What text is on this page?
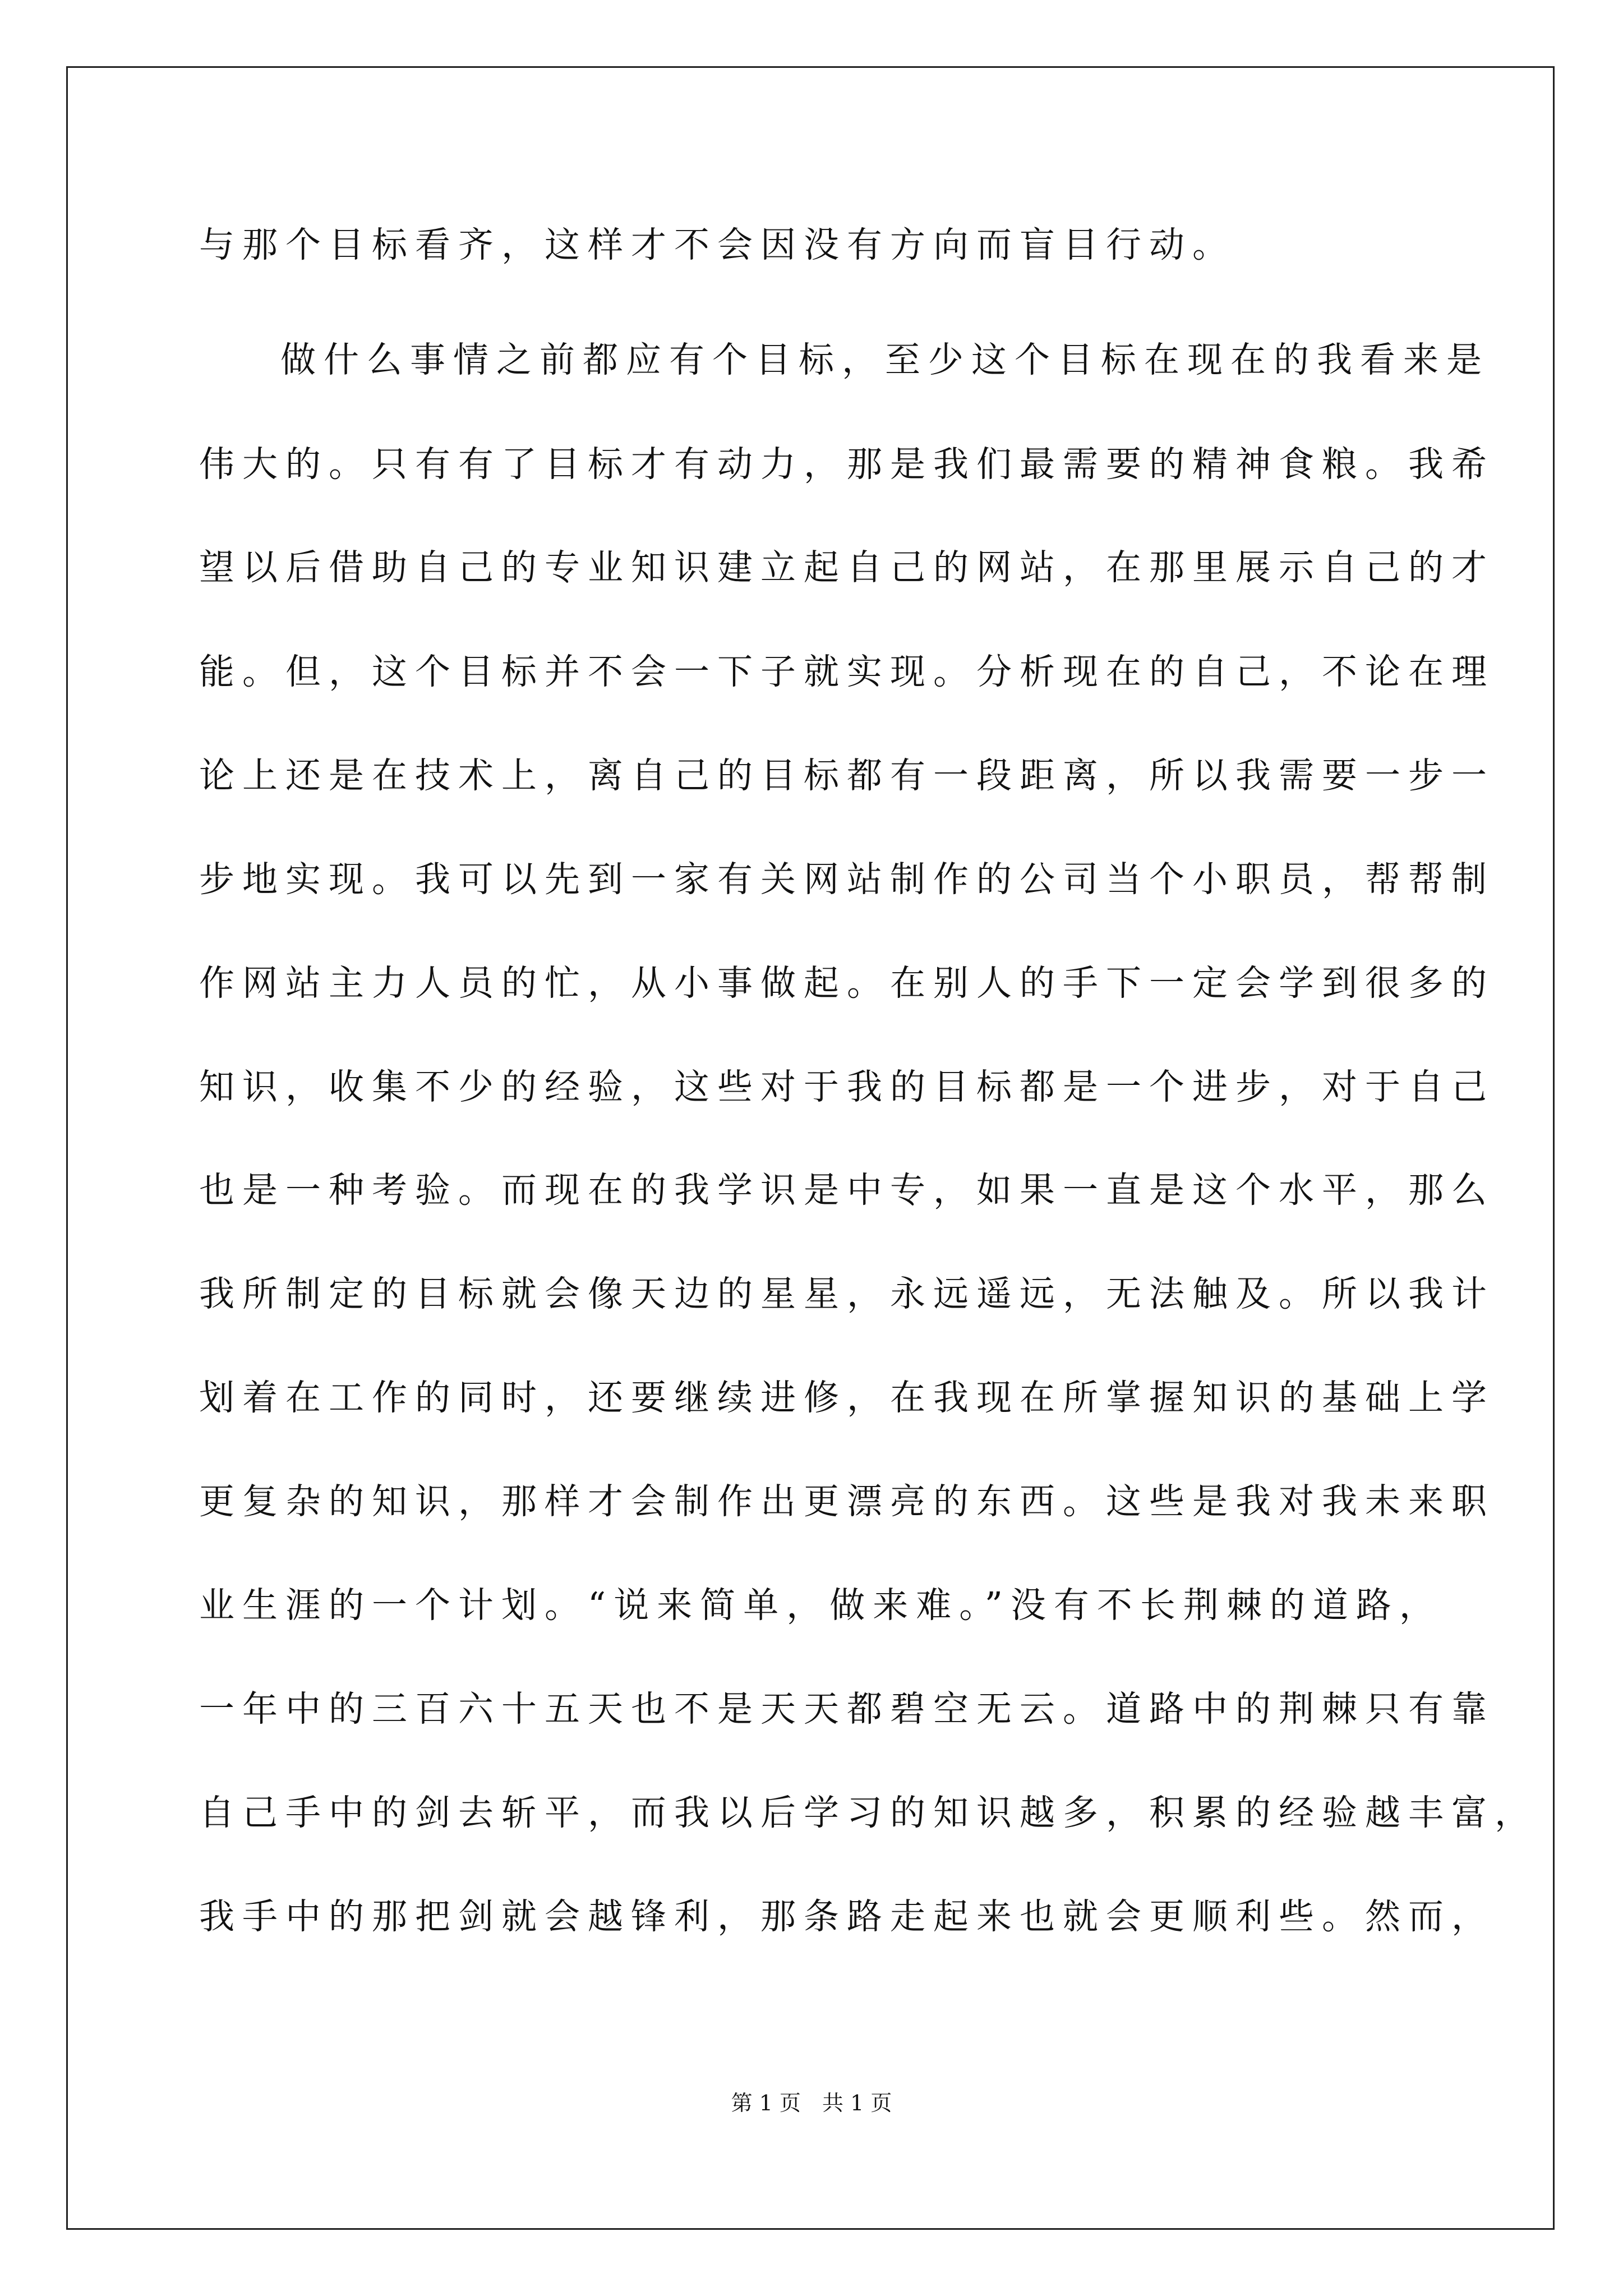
与那个目标看齐，这样才不会因没有方向而盲目行动。
做什么事情之前都应有个目标，至少这个目标在现在的我看来是
伟大的。只有有了目标才有动力，那是我们最需要的精神食粮。我希
望以后借助自己的专业知识建立起自己的网站，在那里展示自己的才
能。但，这个目标并不会一下子就实现。分析现在的自己，不论在理
论上还是在技术上，离自己的目标都有一段距离，所以我需要一步一
步地实现。我可以先到一家有关网站制作的公司当个小职员，帮帮制
作网站主力人员的忙，从小事做起。在别人的手下一定会学到很多的
知识，收集不少的经验，这些对于我的目标都是一个进步，对于自己
也是一种考验。而现在的我学识是中专，如果一直是这个水平，那么
我所制定的目标就会像天边的星星，永远遥远，无法触及。所以我计
划着在工作的同时，还要继续进修，在我现在所掌握知识的基础上学
更复杂的知识，那样才会制作出更漂亮的东西。这些是我对我未来职
业生涯的一个计划。“说来简单，做来难。”没有不长荆棘的道路，
一年中的三百六十五天也不是天天都碧空无云。道路中的荆棘只有靠
自己手中的剑去斩平，而我以后学习的知识越多，积累的经验越丰富，
我手中的那把剑就会越锋利，那条路走起来也就会更顺利些。然而，
第 1 页　共 1 页
